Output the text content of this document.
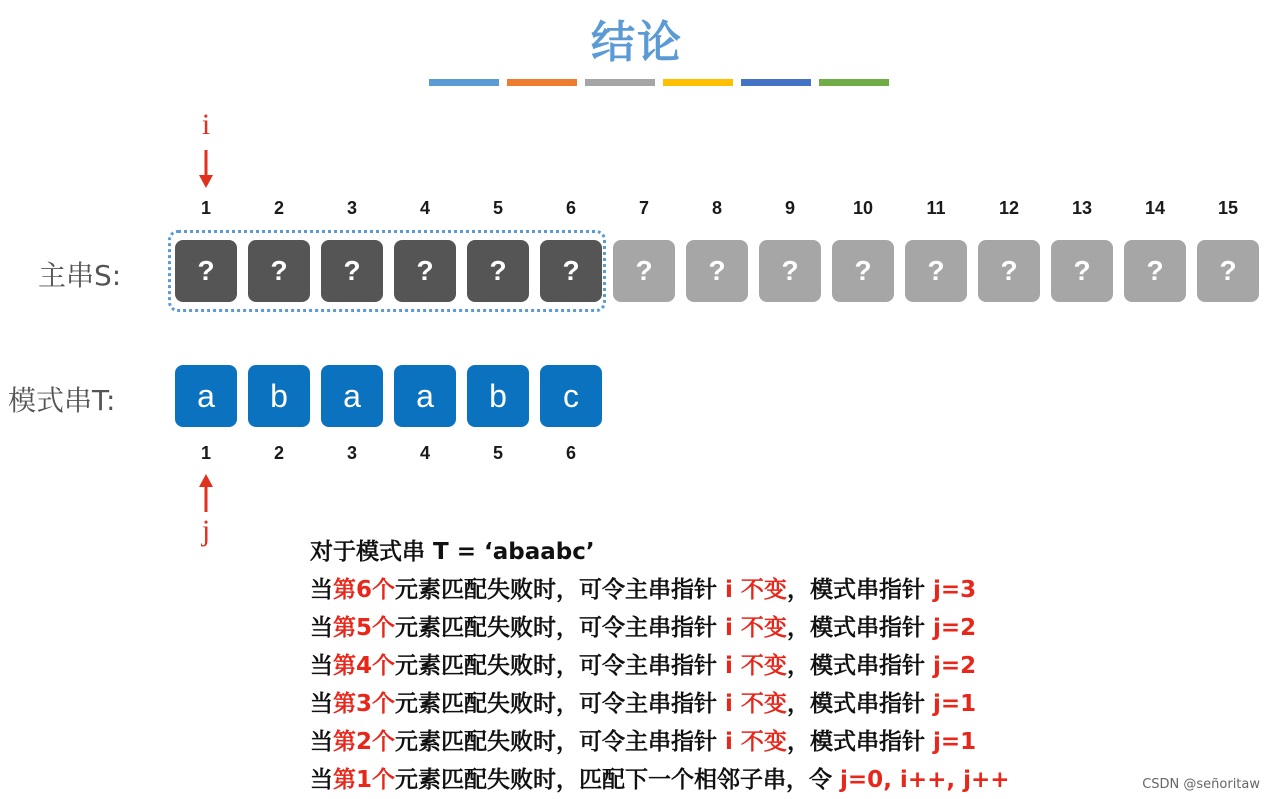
结论
i
1	2	3	4	5	6	7	8	9	10	11	12	13	14	15
主串S:	?	?	?	?	?	?	?	?	?	?	?	?	?	?	?
模式串T:	a	b	a	a	b	c
1	2	3	4	5	6
j
对于模式串 T = ‘abaabc’
当第6个元素匹配失败时，可令主串指针 i 不变，模式串指针 j=3
当第5个元素匹配失败时，可令主串指针 i 不变，模式串指针 j=2
当第4个元素匹配失败时，可令主串指针 i 不变，模式串指针 j=2
当第3个元素匹配失败时，可令主串指针 i 不变，模式串指针 j=1
当第2个元素匹配失败时，可令主串指针 i 不变，模式串指针 j=1
当第1个元素匹配失败时，匹配下一个相邻子串，令 j=0, i++, j++	CSDN @señoritaw
